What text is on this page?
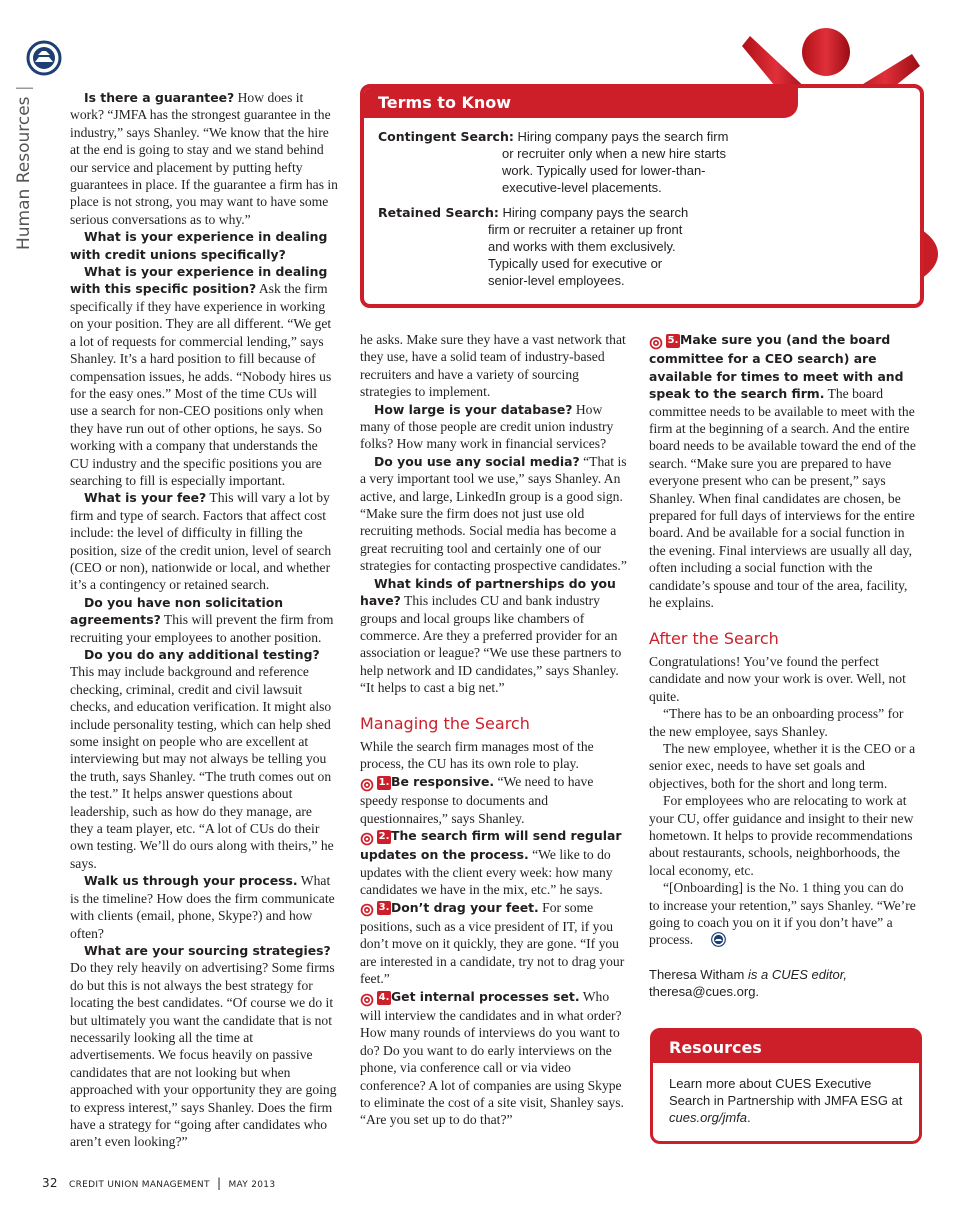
Human Resources |
Terms to Know
Contingent Search: Hiring company pays the search firm
or recruiter only when a new hire starts
work. Typically used for lower-than-
executive-level placements.
Retained Search: Hiring company pays the search
firm or recruiter a retainer up front
and works with them exclusively.
Typically used for executive or
senior-level employees.

Is there a guarantee? How does it work? “JMFA has the strongest guarantee in the industry,” says Shanley. “We know that the hire at the end is going to stay and we stand behind our service and placement by putting hefty guarantees in place. If the guarantee a firm has in place is not strong, you may want to have some serious conversations as to why.”

What is your experience in dealing with credit unions specifically?

What is your experience in dealing with this specific position? Ask the firm specifically if they have experience in working on your position. They are all different. “We get a lot of requests for commercial lending,” says Shanley. It’s a hard position to fill because of compensation issues, he adds. “Nobody hires us for the easy ones.” Most of the time CUs will use a search for non-CEO positions only when they have run out of other options, he says. So working with a company that understands the CU industry and the specific positions you are searching to fill is especially important.

What is your fee? This will vary a lot by firm and type of search. Factors that affect cost include: the level of difficulty in filling the position, size of the credit union, level of search (CEO or non), nationwide or local, and whether it’s a contingency or retained search.

Do you have non solicitation agreements? This will prevent the firm from recruiting your employees to another position.

Do you do any additional testing? This may include background and reference checking, criminal, credit and civil lawsuit checks, and education verification. It might also include personality testing, which can help shed some insight on people who are excellent at interviewing but may not always be telling you the truth, says Shanley. “The truth comes out on the test.” It helps answer questions about leadership, such as how do they manage, are they a team player, etc. “A lot of CUs do their own testing. We’ll do ours along with theirs,” he says.

Walk us through your process. What is the timeline? How does the firm communicate with clients (email, phone, Skype?) and how often?

What are your sourcing strategies? Do they rely heavily on advertising? Some firms do but this is not always the best strategy for locating the best candidates. “Of course we do it but ultimately you want the candidate that is not necessarily looking all the time at advertisements. We focus heavily on passive candidates that are not looking but when approached with your opportunity they are going to express interest,” says Shanley. Does the firm have a strategy for “going after candidates who aren’t even looking?”

he asks. Make sure they have a vast network that they use, have a solid team of industry-based recruiters and have a variety of sourcing strategies to implement.

How large is your database? How many of those people are credit union industry folks? How many work in financial services?

Do you use any social media? “That is a very important tool we use,” says Shanley. An active, and large, LinkedIn group is a good sign. “Make sure the firm does not just use old recruiting methods. Social media has become a great recruiting tool and certainly one of our strategies for contacting prospective candidates.”

What kinds of partnerships do you have? This includes CU and bank industry groups and local groups like chambers of commerce. Are they a preferred provider for an association or league? “We use these partners to help network and ID candidates,” says Shanley. “It helps to cast a big net.”

Managing the Search

While the search firm manages most of the process, the CU has its own role to play.

1. Be responsive. “We need to have speedy response to documents and questionnaires,” says Shanley.

2. The search firm will send regular updates on the process. “We like to do updates with the client every week: how many candidates we have in the mix, etc.” he says.

3. Don’t drag your feet. For some positions, such as a vice president of IT, if you don’t move on it quickly, they are gone. “If you are interested in a candidate, try not to drag your feet.”

4. Get internal processes set. Who will interview the candidates and in what order? How many rounds of interviews do you want to do? Do you want to do early interviews on the phone, via conference call or via video conference? A lot of companies are using Skype to eliminate the cost of a site visit, Shanley says. “Are you set up to do that?”

5. Make sure you (and the board committee for a CEO search) are available for times to meet with and speak to the search firm. The board committee needs to be available to meet with the firm at the beginning of a search. And the entire board needs to be available toward the end of the search. “Make sure you are prepared to have everyone present who can be present,” says Shanley. When final candidates are chosen, be prepared for full days of interviews for the entire board. And be available for a social function in the evening. Final interviews are usually all day, often including a social function with the candidate’s spouse and tour of the area, facility, he explains.

After the Search

Congratulations! You’ve found the perfect candidate and now your work is over. Well, not quite.

“There has to be an onboarding process” for the new employee, says Shanley.

The new employee, whether it is the CEO or a senior exec, needs to have set goals and objectives, both for the short and long term.

For employees who are relocating to work at your CU, offer guidance and insight to their new hometown. It helps to provide recommendations about restaurants, schools, neighborhoods, the local economy, etc.

“[Onboarding] is the No. 1 thing you can do to increase your retention,” says Shanley. “We’re going to coach you on it if you don’t have” a process.

Theresa Witham is a CUES editor, theresa@cues.org.
Resources
Learn more about CUES Executive Search in Partnership with JMFA ESG at cues.org/jmfa.
32 CREDIT UNION MANAGEMENT | MAY 2013
